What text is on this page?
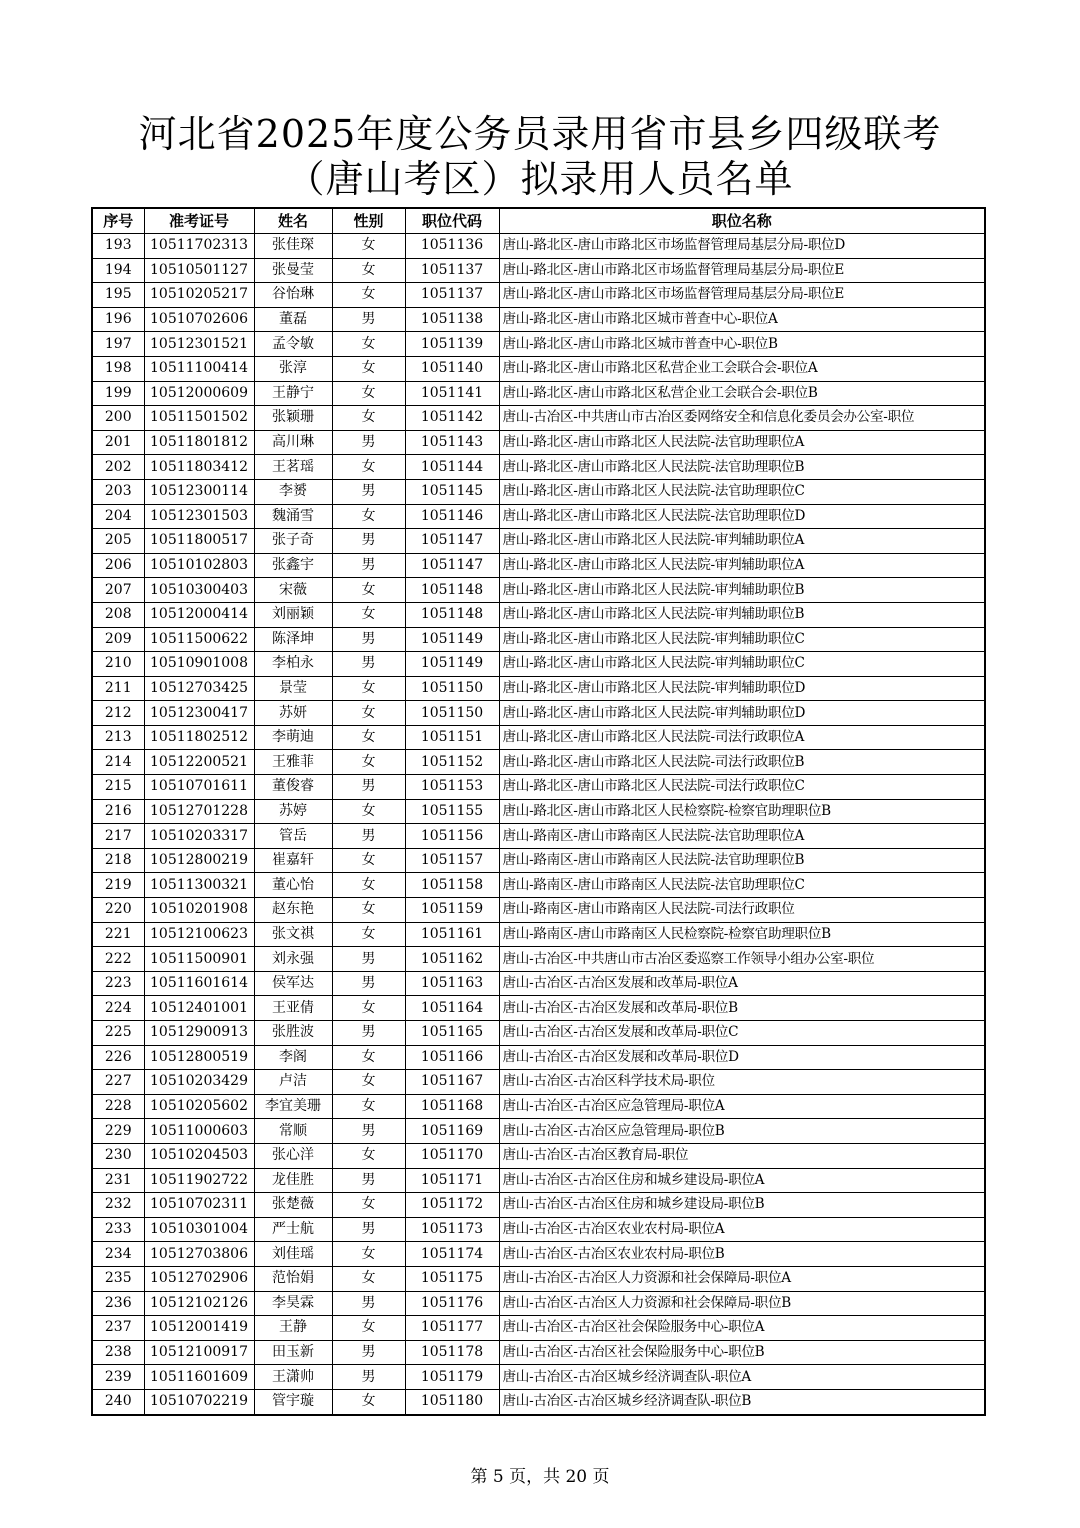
河北省2025年度公务员录用省市县乡四级联考
（唐山考区）拟录用人员名单
序号	准考证号	姓名	性别	职位代码	职位名称
193	10511702313	张佳琛	女	1051136	唐山-路北区-唐山市路北区市场监督管理局基层分局-职位D
194	10510501127	张曼莹	女	1051137	唐山-路北区-唐山市路北区市场监督管理局基层分局-职位E
195	10510205217	谷怡琳	女	1051137	唐山-路北区-唐山市路北区市场监督管理局基层分局-职位E
196	10510702606	董磊	男	1051138	唐山-路北区-唐山市路北区城市普查中心-职位A
197	10512301521	孟令敏	女	1051139	唐山-路北区-唐山市路北区城市普查中心-职位B
198	10511100414	张淳	女	1051140	唐山-路北区-唐山市路北区私营企业工会联合会-职位A
199	10512000609	王静宁	女	1051141	唐山-路北区-唐山市路北区私营企业工会联合会-职位B
200	10511501502	张颖珊	女	1051142	唐山-古冶区-中共唐山市古冶区委网络安全和信息化委员会办公室-职位
201	10511801812	高川琳	男	1051143	唐山-路北区-唐山市路北区人民法院-法官助理职位A
202	10511803412	王茗瑶	女	1051144	唐山-路北区-唐山市路北区人民法院-法官助理职位B
203	10512300114	李赟	男	1051145	唐山-路北区-唐山市路北区人民法院-法官助理职位C
204	10512301503	魏涌雪	女	1051146	唐山-路北区-唐山市路北区人民法院-法官助理职位D
205	10511800517	张子奇	男	1051147	唐山-路北区-唐山市路北区人民法院-审判辅助职位A
206	10510102803	张鑫宇	男	1051147	唐山-路北区-唐山市路北区人民法院-审判辅助职位A
207	10510300403	宋薇	女	1051148	唐山-路北区-唐山市路北区人民法院-审判辅助职位B
208	10512000414	刘丽颖	女	1051148	唐山-路北区-唐山市路北区人民法院-审判辅助职位B
209	10511500622	陈泽坤	男	1051149	唐山-路北区-唐山市路北区人民法院-审判辅助职位C
210	10510901008	李柏永	男	1051149	唐山-路北区-唐山市路北区人民法院-审判辅助职位C
211	10512703425	景莹	女	1051150	唐山-路北区-唐山市路北区人民法院-审判辅助职位D
212	10512300417	苏妍	女	1051150	唐山-路北区-唐山市路北区人民法院-审判辅助职位D
213	10511802512	李萌迪	女	1051151	唐山-路北区-唐山市路北区人民法院-司法行政职位A
214	10512200521	王雅菲	女	1051152	唐山-路北区-唐山市路北区人民法院-司法行政职位B
215	10510701611	董俊睿	男	1051153	唐山-路北区-唐山市路北区人民法院-司法行政职位C
216	10512701228	苏婷	女	1051155	唐山-路北区-唐山市路北区人民检察院-检察官助理职位B
217	10510203317	管岳	男	1051156	唐山-路南区-唐山市路南区人民法院-法官助理职位A
218	10512800219	崔嘉轩	女	1051157	唐山-路南区-唐山市路南区人民法院-法官助理职位B
219	10511300321	董心怡	女	1051158	唐山-路南区-唐山市路南区人民法院-法官助理职位C
220	10510201908	赵东艳	女	1051159	唐山-路南区-唐山市路南区人民法院-司法行政职位
221	10512100623	张文祺	女	1051161	唐山-路南区-唐山市路南区人民检察院-检察官助理职位B
222	10511500901	刘永强	男	1051162	唐山-古冶区-中共唐山市古冶区委巡察工作领导小组办公室-职位
223	10511601614	侯军达	男	1051163	唐山-古冶区-古冶区发展和改革局-职位A
224	10512401001	王亚倩	女	1051164	唐山-古冶区-古冶区发展和改革局-职位B
225	10512900913	张胜波	男	1051165	唐山-古冶区-古冶区发展和改革局-职位C
226	10512800519	李阁	女	1051166	唐山-古冶区-古冶区发展和改革局-职位D
227	10510203429	卢洁	女	1051167	唐山-古冶区-古冶区科学技术局-职位
228	10510205602	李宜美珊	女	1051168	唐山-古冶区-古冶区应急管理局-职位A
229	10511000603	常顺	男	1051169	唐山-古冶区-古冶区应急管理局-职位B
230	10510204503	张心洋	女	1051170	唐山-古冶区-古冶区教育局-职位
231	10511902722	龙佳胜	男	1051171	唐山-古冶区-古冶区住房和城乡建设局-职位A
232	10510702311	张楚薇	女	1051172	唐山-古冶区-古冶区住房和城乡建设局-职位B
233	10510301004	严士航	男	1051173	唐山-古冶区-古冶区农业农村局-职位A
234	10512703806	刘佳瑶	女	1051174	唐山-古冶区-古冶区农业农村局-职位B
235	10512702906	范怡娟	女	1051175	唐山-古冶区-古冶区人力资源和社会保障局-职位A
236	10512102126	李昊霖	男	1051176	唐山-古冶区-古冶区人力资源和社会保障局-职位B
237	10512001419	王静	女	1051177	唐山-古冶区-古冶区社会保险服务中心-职位A
238	10512100917	田玉新	男	1051178	唐山-古冶区-古冶区社会保险服务中心-职位B
239	10511601609	王潇帅	男	1051179	唐山-古冶区-古冶区城乡经济调查队-职位A
240	10510702219	管宇璇	女	1051180	唐山-古冶区-古冶区城乡经济调查队-职位B
第 5 页，共 20 页
